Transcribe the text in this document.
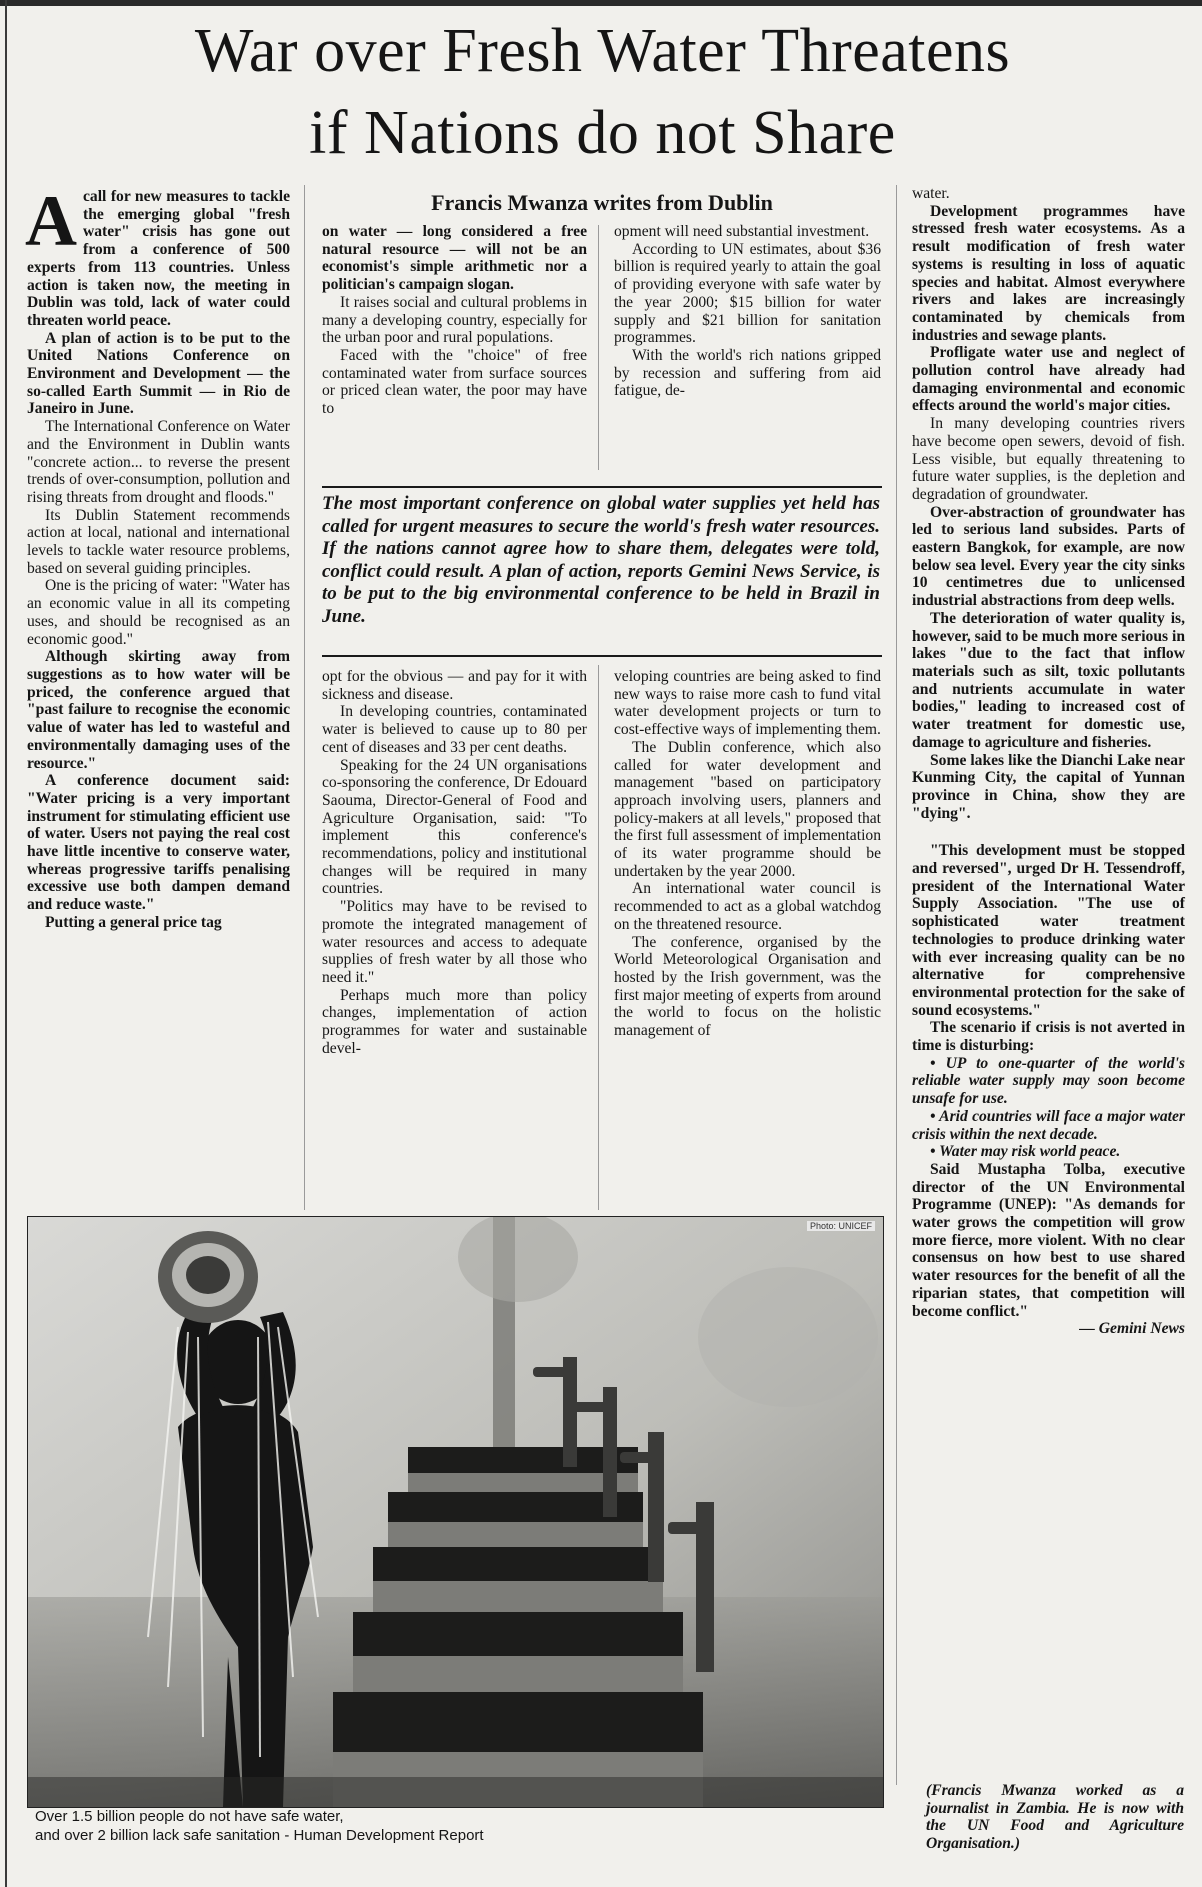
War over Fresh Water Threatens
if Nations do not Share

Acall for new measures to tackle the emerging global "fresh water" crisis has gone out from a conference of 500 experts from 113 countries. Unless action is taken now, the meeting in Dublin was told, lack of water could threaten world peace.

A plan of action is to be put to the United Nations Conference on Environment and Development — the so-called Earth Summit — in Rio de Janeiro in June.

The International Conference on Water and the Environment in Dublin wants "concrete action... to reverse the present trends of over-consumption, pollution and rising threats from drought and floods."

Its Dublin Statement recommends action at local, national and international levels to tackle water resource problems, based on several guiding principles.

One is the pricing of water: "Water has an economic value in all its competing uses, and should be recognised as an economic good."

Although skirting away from suggestions as to how water will be priced, the conference argued that "past failure to recognise the economic value of water has led to wasteful and environmentally damaging uses of the resource."

A conference document said: "Water pricing is a very important instrument for stimulating efficient use of water. Users not paying the real cost have little incentive to conserve water, whereas progressive tariffs penalising excessive use both dampen demand and reduce waste."

Putting a general price tag

Francis Mwanza writes from Dublin

on water — long considered a free natural resource — will not be an economist's simple arithmetic nor a politician's campaign slogan.

It raises social and cultural problems in many a developing country, especially for the urban poor and rural populations.

Faced with the "choice" of free contaminated water from surface sources or priced clean water, the poor may have to

opment will need substantial investment.

According to UN estimates, about $36 billion is required yearly to attain the goal of providing everyone with safe water by the year 2000; $15 billion for water supply and $21 billion for sanitation programmes.

With the world's rich nations gripped by recession and suffering from aid fatigue, de-

The most important conference on global water supplies yet held has called for urgent measures to secure the world's fresh water resources. If the nations cannot agree how to share them, delegates were told, conflict could result. A plan of action, reports Gemini News Service, is to be put to the big environmental conference to be held in Brazil in June.

opt for the obvious — and pay for it with sickness and disease.

In developing countries, contaminated water is believed to cause up to 80 per cent of diseases and 33 per cent deaths.

Speaking for the 24 UN organisations co-sponsoring the conference, Dr Edouard Saouma, Director-General of Food and Agriculture Organisation, said: "To implement this conference's recommendations, policy and institutional changes will be required in many countries.

"Politics may have to be revised to promote the integrated management of water resources and access to adequate supplies of fresh water by all those who need it."

Perhaps much more than policy changes, implementation of action programmes for water and sustainable devel-

veloping countries are being asked to find new ways to raise more cash to fund vital water development projects or turn to cost-effective ways of implementing them.

The Dublin conference, which also called for water development and management "based on participatory approach involving users, planners and policy-makers at all levels," proposed that the first full assessment of implementation of its water programme should be undertaken by the year 2000.

An international water council is recommended to act as a global watchdog on the threatened resource.

The conference, organised by the World Meteorological Organisation and hosted by the Irish government, was the first major meeting of experts from around the world to focus on the holistic management of

water.

Development programmes have stressed fresh water ecosystems. As a result modification of fresh water systems is resulting in loss of aquatic species and habitat. Almost everywhere rivers and lakes are increasingly contaminated by chemicals from industries and sewage plants.

Profligate water use and neglect of pollution control have already had damaging environmental and economic effects around the world's major cities.

In many developing countries rivers have become open sewers, devoid of fish. Less visible, but equally threatening to future water supplies, is the depletion and degradation of groundwater.

Over-abstraction of groundwater has led to serious land subsides. Parts of eastern Bangkok, for example, are now below sea level. Every year the city sinks 10 centimetres due to unlicensed industrial abstractions from deep wells.

The deterioration of water quality is, however, said to be much more serious in lakes "due to the fact that inflow materials such as silt, toxic pollutants and nutrients accumulate in water bodies," leading to increased cost of water treatment for domestic use, damage to agriculture and fisheries.

Some lakes like the Dianchi Lake near Kunming City, the capital of Yunnan province in China, show they are "dying".

"This development must be stopped and reversed", urged Dr H. Tessendroff, president of the International Water Supply Association. "The use of sophisticated water treatment technologies to produce drinking water with ever increasing quality can be no alternative for comprehensive environmental protection for the sake of sound ecosystems."

The scenario if crisis is not averted in time is disturbing:

• UP to one-quarter of the world's reliable water supply may soon become unsafe for use.

• Arid countries will face a major water crisis within the next decade.

• Water may risk world peace.

Said Mustapha Tolba, executive director of the UN Environmental Programme (UNEP): "As demands for water grows the competition will grow more fierce, more violent. With no clear consensus on how best to use shared water resources for the benefit of all the riparian states, that competition will become conflict."

— Gemini News

(Francis Mwanza worked as a journalist in Zambia. He is now with the UN Food and Agriculture Organisation.)

Photo: UNICEF

Over 1.5 billion people do not have safe water,
and over 2 billion lack safe sanitation - Human Development Report
